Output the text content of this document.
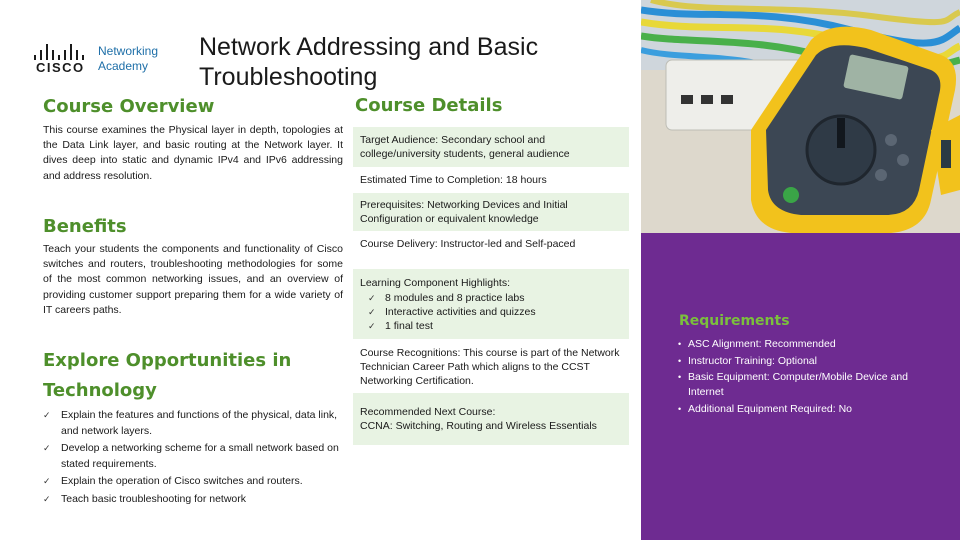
CISCO
Networking
Academy
Network Addressing and Basic Troubleshooting
Course Overview

This course examines the Physical layer in depth, topologies at the Data Link layer, and basic routing at the Network layer. It dives deep into static and dynamic IPv4 and IPv6 addressing and address resolution.

Benefits

Teach your students the components and functionality of Cisco switches and routers, troubleshooting methodologies for some of the most common networking issues, and an overview of providing customer support preparing them for a wide variety of IT careers paths.

Explore Opportunities in Technology
✓ Explain the features and functions of the physical, data link, and network layers.
✓ Develop a networking scheme for a small network based on stated requirements.
✓ Explain the operation of Cisco switches and routers.
✓ Teach basic troubleshooting for network
Course Details
Target Audience: Secondary school and college/university students, general audience
Estimated Time to Completion: 18 hours
Prerequisites: Networking Devices and Initial Configuration or equivalent knowledge
Course Delivery: Instructor-led and Self-paced
Learning Component Highlights:
✓ 8 modules and 8 practice labs
✓ Interactive activities and quizzes
✓ 1 final test
Course Recognitions: This course is part of the Network Technician Career Path which aligns to the CCST Networking Certification.
Recommended Next Course:
CCNA: Switching, Routing and Wireless Essentials
Requirements
• ASC Alignment: Recommended
• Instructor Training: Optional
• Basic Equipment: Computer/Mobile Device and Internet
• Additional Equipment Required: No
